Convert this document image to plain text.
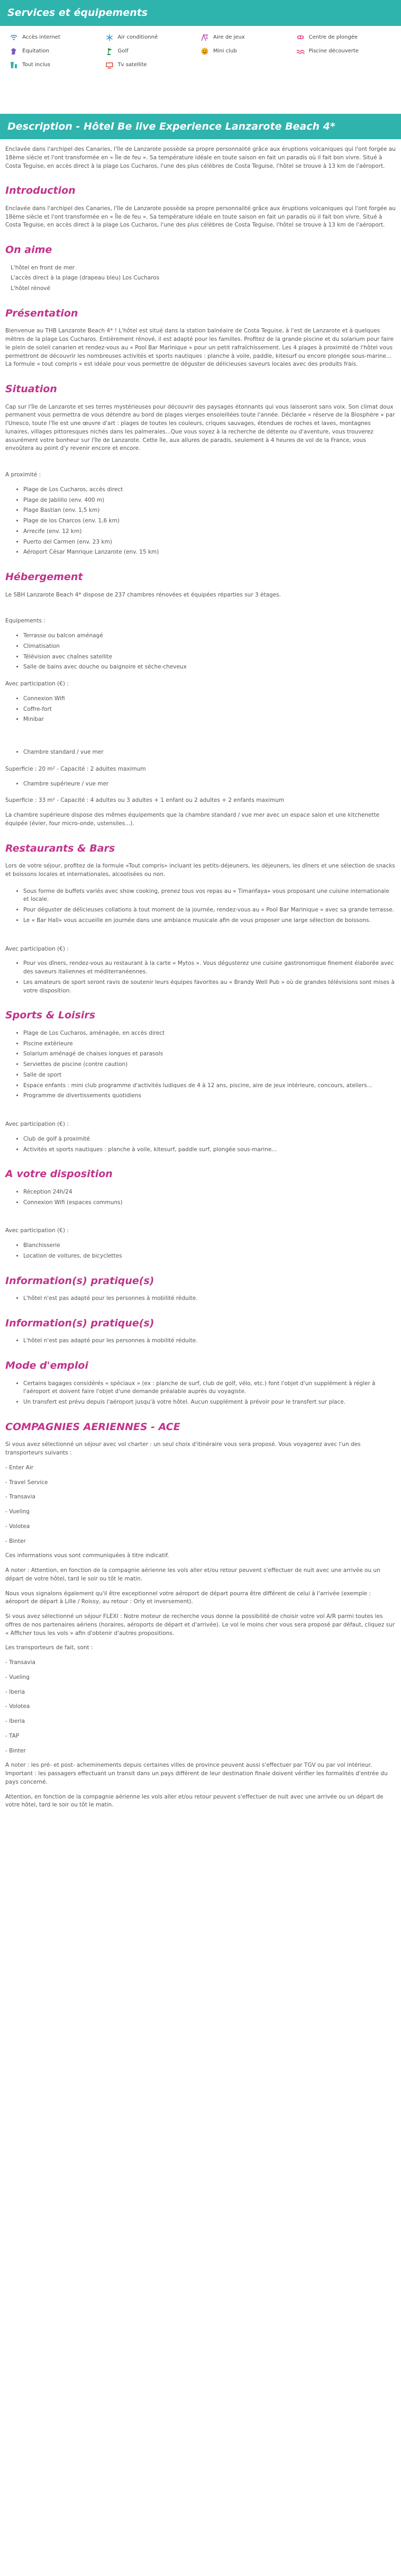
Services et équipements
Accès internet	Air conditionné	Aire de jeux	Centre de plongée
Équitation	Golf	Mini club	Piscine découverte
Tout inclus	Tv satellite
Description - Hôtel Be live Experience Lanzarote Beach 4*

Enclavée dans l'archipel des Canaries, l'île de Lanzarote possède sa propre personnalité grâce aux éruptions volcaniques qui l'ont forgée au 18ème siècle et l'ont transformée en « Île de feu ». Sa température idéale en toute saison en fait un paradis où il fait bon vivre. Situé à Costa Teguise, en accès direct à la plage Los Cucharos, l'une des plus célèbres de Costa Teguise, l'hôtel se trouve à 13 km de l'aéroport.

Introduction

Enclavée dans l'archipel des Canaries, l'île de Lanzarote possède sa propre personnalité grâce aux éruptions volcaniques qui l'ont forgée au 18ème siècle et l'ont transformée en « Île de feu ». Sa température idéale en toute saison en fait un paradis où il fait bon vivre. Situé à Costa Teguise, en accès direct à la plage Los Cucharos, l'une des plus célèbres de Costa Teguise, l'hôtel se trouve à 13 km de l'aéroport.

On aime
L'hôtel en front de mer
L'accès direct à la plage (drapeau bleu) Los Cucharos
L'hôtel rénové
Présentation

Bienvenue au THB Lanzarote Beach 4* ! L'hôtel est situé dans la station balnéaire de Costa Teguise, à l'est de Lanzarote et à quelques mètres de la plage Los Cucharos. Entièrement rénové, il est adapté pour les familles. Profitez de la grande piscine et du solarium pour faire le plein de soleil canarien et rendez-vous au « Pool Bar Marinique » pour un petit rafraîchissement. Les 4 plages à proximité de l'hôtel vous permettront de découvrir les nombreuses activités et sports nautiques : planche à voile, paddle, kitesurf ou encore plongée sous-marine... La formule « tout compris » est idéale pour vous permettre de déguster de délicieuses saveurs locales avec des produits frais.

Situation

Cap sur l'île de Lanzarote et ses terres mystérieuses pour découvrir des paysages étonnants qui vous laisseront sans voix. Son climat doux permanent vous permettra de vous détendre au bord de plages vierges ensoleillées toute l'année. Déclarée « réserve de la Biosphère » par l'Unesco, toute l'île est une œuvre d'art : plages de toutes les couleurs, criques sauvages, étendues de roches et laves, montagnes lunaires, villages pittoresques nichés dans les palmeraies...Que vous soyez à la recherche de détente ou d'aventure, vous trouverez assurément votre bonheur sur l'île de Lanzarote. Cette île, aux allures de paradis, seulement à 4 heures de vol de la France, vous envoûtera au point d'y revenir encore et encore.

A proximité :

• Plage de Los Cucharos, accès direct
• Plage de Jablillo (env. 400 m)
• Plage Bastian (env. 1,5 km)
• Plage de los Charcos (env. 1,6 km)
• Arrecife (env. 12 km)
• Puerto del Carmen (env. 23 km)
• Aéroport César Manrique Lanzarote (env. 15 km)
Hébergement

Le SBH Lanzarote Beach 4* dispose de 237 chambres rénovées et équipées réparties sur 3 étages.

Equipements :

• Terrasse ou balcon aménagé
• Climatisation
• Télévision avec chaînes satellite
• Salle de bains avec douche ou baignoire et sèche-cheveux

Avec participation (€) :

• Connexion Wifi
• Coffre-fort
• Minibar
• Chambre standard / vue mer

Superficie : 20 m² - Capacité : 2 adultes maximum

• Chambre supérieure / vue mer

Superficie : 33 m² - Capacité : 4 adultes ou 3 adultes + 1 enfant ou 2 adultes + 2 enfants maximum

La chambre supérieure dispose des mêmes équipements que la chambre standard / vue mer avec un espace salon et une kitchenette équipée (évier, four micro-onde, ustensiles...).

Restaurants & Bars

Lors de votre séjour, profitez de la formule «Tout compris» incluant les petits-déjeuners, les déjeuners, les dîners et une sélection de snacks et boissons locales et internationales, alcoolisées ou non.

• Sous forme de buffets variés avec show cooking, prenez tous vos repas au « Timanfaya» vous proposant une cuisine internationale et locale.
• Pour déguster de délicieuses collations à tout moment de la journée, rendez-vous au « Pool Bar Marinique » avec sa grande terrasse.
• Le « Bar Hall» vous accueille en journée dans une ambiance musicale afin de vous proposer une large sélection de boissons.

Avec participation (€) :

• Pour vos dîners, rendez-vous au restaurant à la carte « Mytos ». Vous dégusterez une cuisine gastronomique finement élaborée avec des saveurs italiennes et méditerranéennes.
• Les amateurs de sport seront ravis de soutenir leurs équipes favorites au « Brandy Well Pub » où de grandes télévisions sont mises à votre disposition.
Sports & Loisirs
• Plage de Los Cucharos, aménagée, en accès direct
• Piscine extérieure
• Solarium aménagé de chaises longues et parasols
• Serviettes de piscine (contre caution)
• Salle de sport
• Espace enfants : mini club programme d'activités ludiques de 4 à 12 ans, piscine, aire de jeux intérieure, concours, ateliers...
• Programme de divertissements quotidiens

Avec participation (€) :

• Club de golf à proximité
• Activités et sports nautiques : planche à voile, kitesurf, paddle surf, plongée sous-marine...
A votre disposition
• Réception 24h/24
• Connexion Wifi (espaces communs)

Avec participation (€) :

• Blanchisserie
• Location de voitures, de bicyclettes
Information(s) pratique(s)
• L'hôtel n'est pas adapté pour les personnes à mobilité réduite.
Information(s) pratique(s)
• L'hôtel n'est pas adapté pour les personnes à mobilité réduite.
Mode d'emploi
• Certains bagages considérés « spéciaux » (ex : planche de surf, club de golf, vélo, etc.) font l'objet d'un supplément à régler à l'aéroport et doivent faire l'objet d'une demande préalable auprès du voyagiste.
• Un transfert est prévu depuis l'aéroport jusqu'à votre hôtel. Aucun supplément à prévoir pour le transfert sur place.
COMPAGNIES AERIENNES - ACE

Si vous avez sélectionné un séjour avec vol charter : un seul choix d'itinéraire vous sera proposé. Vous voyagerez avec l'un des transporteurs suivants :

- Enter Air

- Travel Service

- Transavia

- Vueling

- Volotea

- Binter

Ces informations vous sont communiquées à titre indicatif.

A noter : Attention, en fonction de la compagnie aérienne les vols aller et/ou retour peuvent s'effectuer de nuit avec une arrivée ou un départ de votre hôtel, tard le soir ou tôt le matin.

Nous vous signalons également qu'il être exceptionnel votre aéroport de départ pourra être différent de celui à l'arrivée (exemple : aéroport de départ à Lille / Roissy, au retour : Orly et inversement).

Si vous avez sélectionné un séjour FLEXI : Notre moteur de recherche vous donne la possibilité de choisir votre vol A/R parmi toutes les offres de nos partenaires aériens (horaires, aéroports de départ et d'arrivée). Le vol le moins cher vous sera proposé par défaut, cliquez sur « Afficher tous les vols » afin d'obtenir d'autres propositions.

Les transporteurs de fait, sont :

- Transavia

- Vueling

- Iberia

- Volotea

- Iberia

- TAP

- Binter

A noter : les pré- et post- acheminements depuis certaines villes de province peuvent aussi s'effectuer par TGV ou par vol intérieur. Important : les passagers effectuant un transit dans un pays différent de leur destination finale doivent vérifier les formalités d'entrée du pays concerné.

Attention, en fonction de la compagnie aérienne les vols aller et/ou retour peuvent s'effectuer de nuit avec une arrivée ou un départ de votre hôtel, tard le soir ou tôt le matin.
